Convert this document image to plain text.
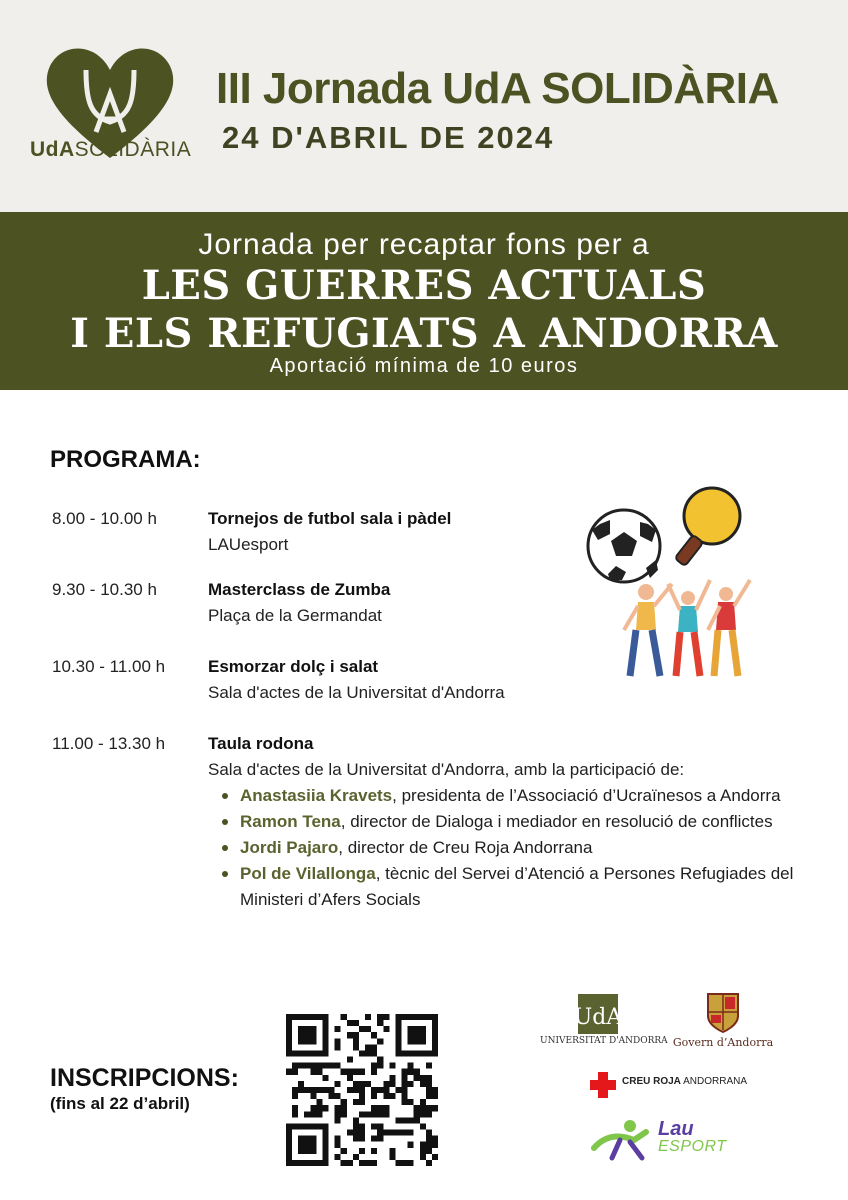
UdASOLIDÀRIA
III Jornada UdA SOLIDÀRIA
24 D'ABRIL DE 2024
Jornada per recaptar fons per a
LES GUERRES ACTUALS
I ELS REFUGIATS A ANDORRA
Aportació mínima de 10 euros
PROGRAMA:
8.00 - 10.00 h	Tornejos de futbol sala i pàdel
LAUesport
9.30 - 10.30 h	Masterclass de Zumba
Plaça de la Germandat
10.30 - 11.00 h	Esmorzar dolç i salat
Sala d'actes de la Universitat d'Andorra
11.00 - 13.30 h	Taula rodona
Sala d'actes de la Universitat d'Andorra, amb la participació de:
Anastasiia Kravets, presidenta de l’Associació d’Ucraïnesos a Andorra
Ramon Tena, director de Dialoga i mediador en resolució de conflictes
Jordi Pajaro, director de Creu Roja Andorrana
Pol de Vilallonga, tècnic del Servei d’Atenció a Persones Refugiades del Ministeri d’Afers Socials
INSCRIPCIONS:
(fins al 22 d’abril)
UdA
UNIVERSITAT D'ANDORRA Govern d’Andorra
CREU ROJA ANDORRANA
Lau
ESPORT
